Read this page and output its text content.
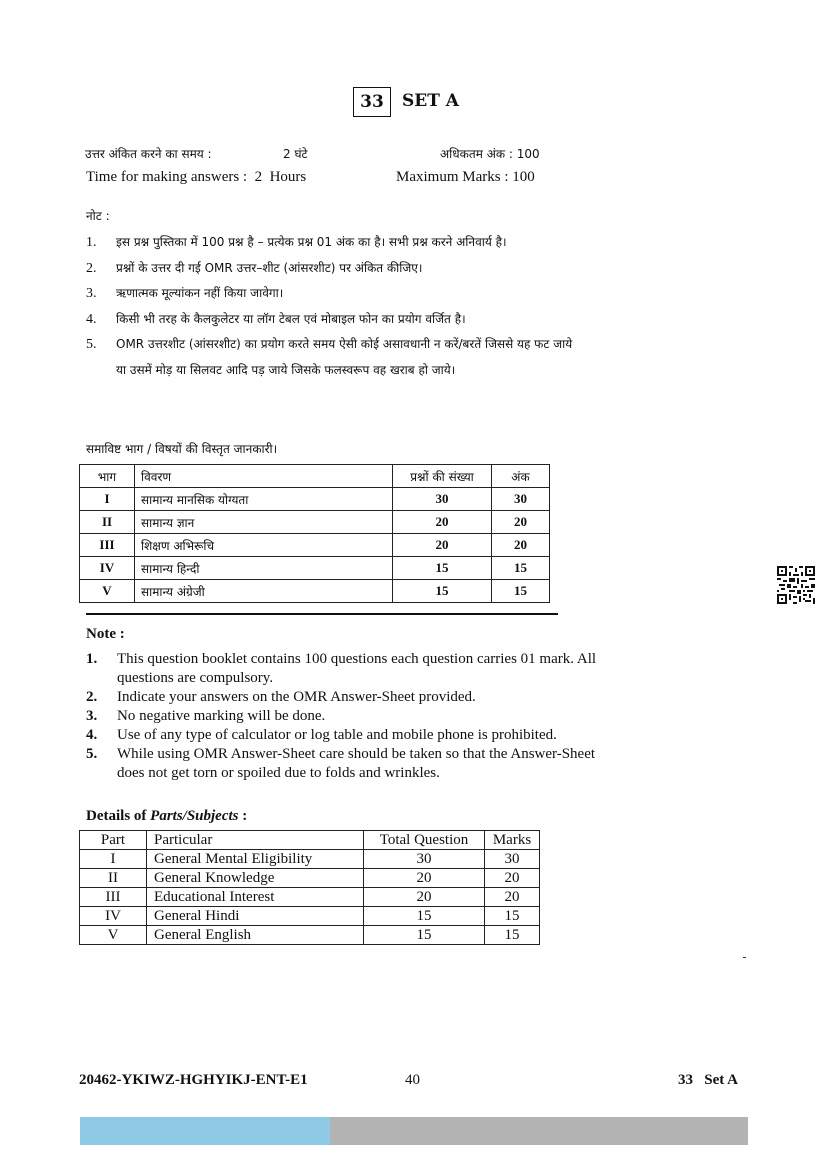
33	SET A
उत्तर अंकित करने का समय :	2 घंटे	अधिकतम अंक : 100
Time for making answers :  2  Hours	Maximum Marks : 100
नोट :
1. इस प्रश्न पुस्तिका में 100 प्रश्न है – प्रत्येक प्रश्न 01 अंक का है। सभी प्रश्न करने अनिवार्य है।
2. प्रश्नों के उत्तर दी गई OMR उत्तर–शीट (आंसरशीट) पर अंकित कीजिए।
3. ऋणात्मक मूल्यांकन नहीं किया जावेगा।
4. किसी भी तरह के कैलकुलेटर या लॉग टेबल एवं मोबाइल फोन का प्रयोग वर्जित है।
5. OMR उत्तरशीट (आंसरशीट) का प्रयोग करते समय ऐसी कोई असावधानी न करें/बरतें जिससे यह फट जाये या उसमें मोड़ या सिलवट आदि पड़ जाये जिसके फलस्वरूप वह खराब हो जाये।
समाविष्ट भाग / विषयों की विस्तृत जानकारी।
भाग	विवरण	प्रश्नों की संख्या	अंक
I	सामान्य मानसिक योग्यता	30	30
II	सामान्य ज्ञान	20	20
III	शिक्षण अभिरूचि	20	20
IV	सामान्य हिन्दी	15	15
V	सामान्य अंग्रेजी	15	15
Note :
1. This question booklet contains 100 questions each question carries 01 mark. All questions are compulsory.
2. Indicate your answers on the OMR Answer-Sheet provided.
3. No negative marking will be done.
4. Use of any type of calculator or log table and mobile phone is prohibited.
5. While using OMR Answer-Sheet care should be taken so that the Answer-Sheet does not get torn or spoiled due to folds and wrinkles.
Details of Parts/Subjects :
Part	Particular	Total Question	Marks
I	General Mental Eligibility	30	30
II	General Knowledge	20	20
III	Educational Interest	20	20
IV	General Hindi	15	15
V	General English	15	15
20462-YKIWZ-HGHYIKJ-ENT-E1	40	33   Set A
